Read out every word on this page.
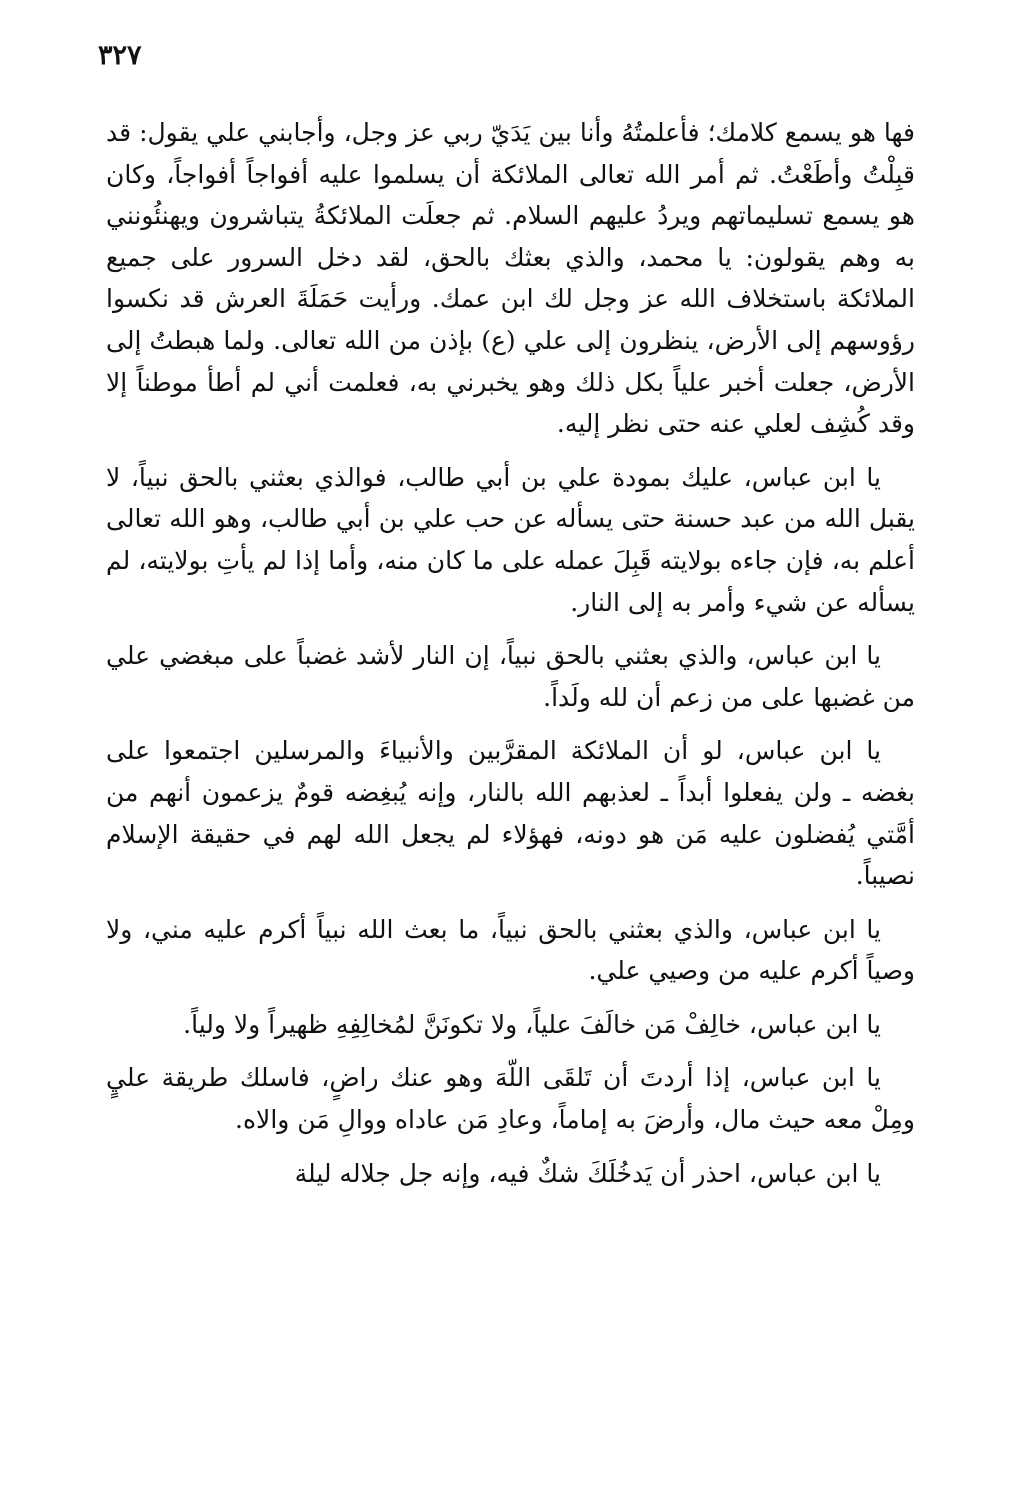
٣٢٧

فها هو يسمع كلامك؛ فأعلمتُهُ وأنا بين يَدَيّ ربي عز وجل، وأجابني علي يقول: قد قبِلْتُ وأطَعْتُ. ثم أمر الله تعالى الملائكة أن يسلموا عليه أفواجاً أفواجاً، وكان هو يسمع تسليماتهم ويردُ عليهم السلام. ثم جعلَت الملائكةُ يتباشرون ويهنئُونني به وهم يقولون: يا محمد، والذي بعثك بالحق، لقد دخل السرور على جميع الملائكة باستخلاف الله عز وجل لك ابن عمك. ورأيت حَمَلَةَ العرش قد نكسوا رؤوسهم إلى الأرض، ينظرون إلى علي (ع) بإذن من الله تعالى. ولما هبطتُ إلى الأرض، جعلت أخبر علياً بكل ذلك وهو يخبرني به، فعلمت أني لم أطأ موطناً إلا وقد كُشِف لعلي عنه حتى نظر إليه.

يا ابن عباس، عليك بمودة علي بن أبي طالب، فوالذي بعثني بالحق نبياً، لا يقبل الله من عبد حسنة حتى يسأله عن حب علي بن أبي طالب، وهو الله تعالى أعلم به، فإن جاءه بولايته قَبِلَ عمله على ما كان منه، وأما إذا لم يأتِ بولايته، لم يسأله عن شيء وأمر به إلى النار.

يا ابن عباس، والذي بعثني بالحق نبياً، إن النار لأشد غضباً على مبغضي علي من غضبها على من زعم أن لله ولَداً.

يا ابن عباس، لو أن الملائكة المقرَّبين والأنبياءَ والمرسلين اجتمعوا على بغضه ـ ولن يفعلوا أبداً ـ لعذبهم الله بالنار، وإنه يُبغِضه قومٌ يزعمون أنهم من أمَّتي يُفضلون عليه مَن هو دونه، فهؤلاء لم يجعل الله لهم في حقيقة الإسلام نصيباً.

يا ابن عباس، والذي بعثني بالحق نبياً، ما بعث الله نبياً أكرم عليه مني، ولا وصياً أكرم عليه من وصيي علي.

يا ابن عباس، خالِفْ مَن خالَفَ علياً، ولا تكونَنَّ لمُخالِفِهِ ظهيراً ولا ولياً.

يا ابن عباس، إذا أردتَ أن تَلقَى اللّهَ وهو عنك راضٍ، فاسلك طريقة عليٍ ومِلْ معه حيث مال، وأرضَ به إماماً، وعادِ مَن عاداه ووالِ مَن والاه.

يا ابن عباس، احذر أن يَدخُلَكَ شكٌ فيه، وإنه جل جلاله ليلة
